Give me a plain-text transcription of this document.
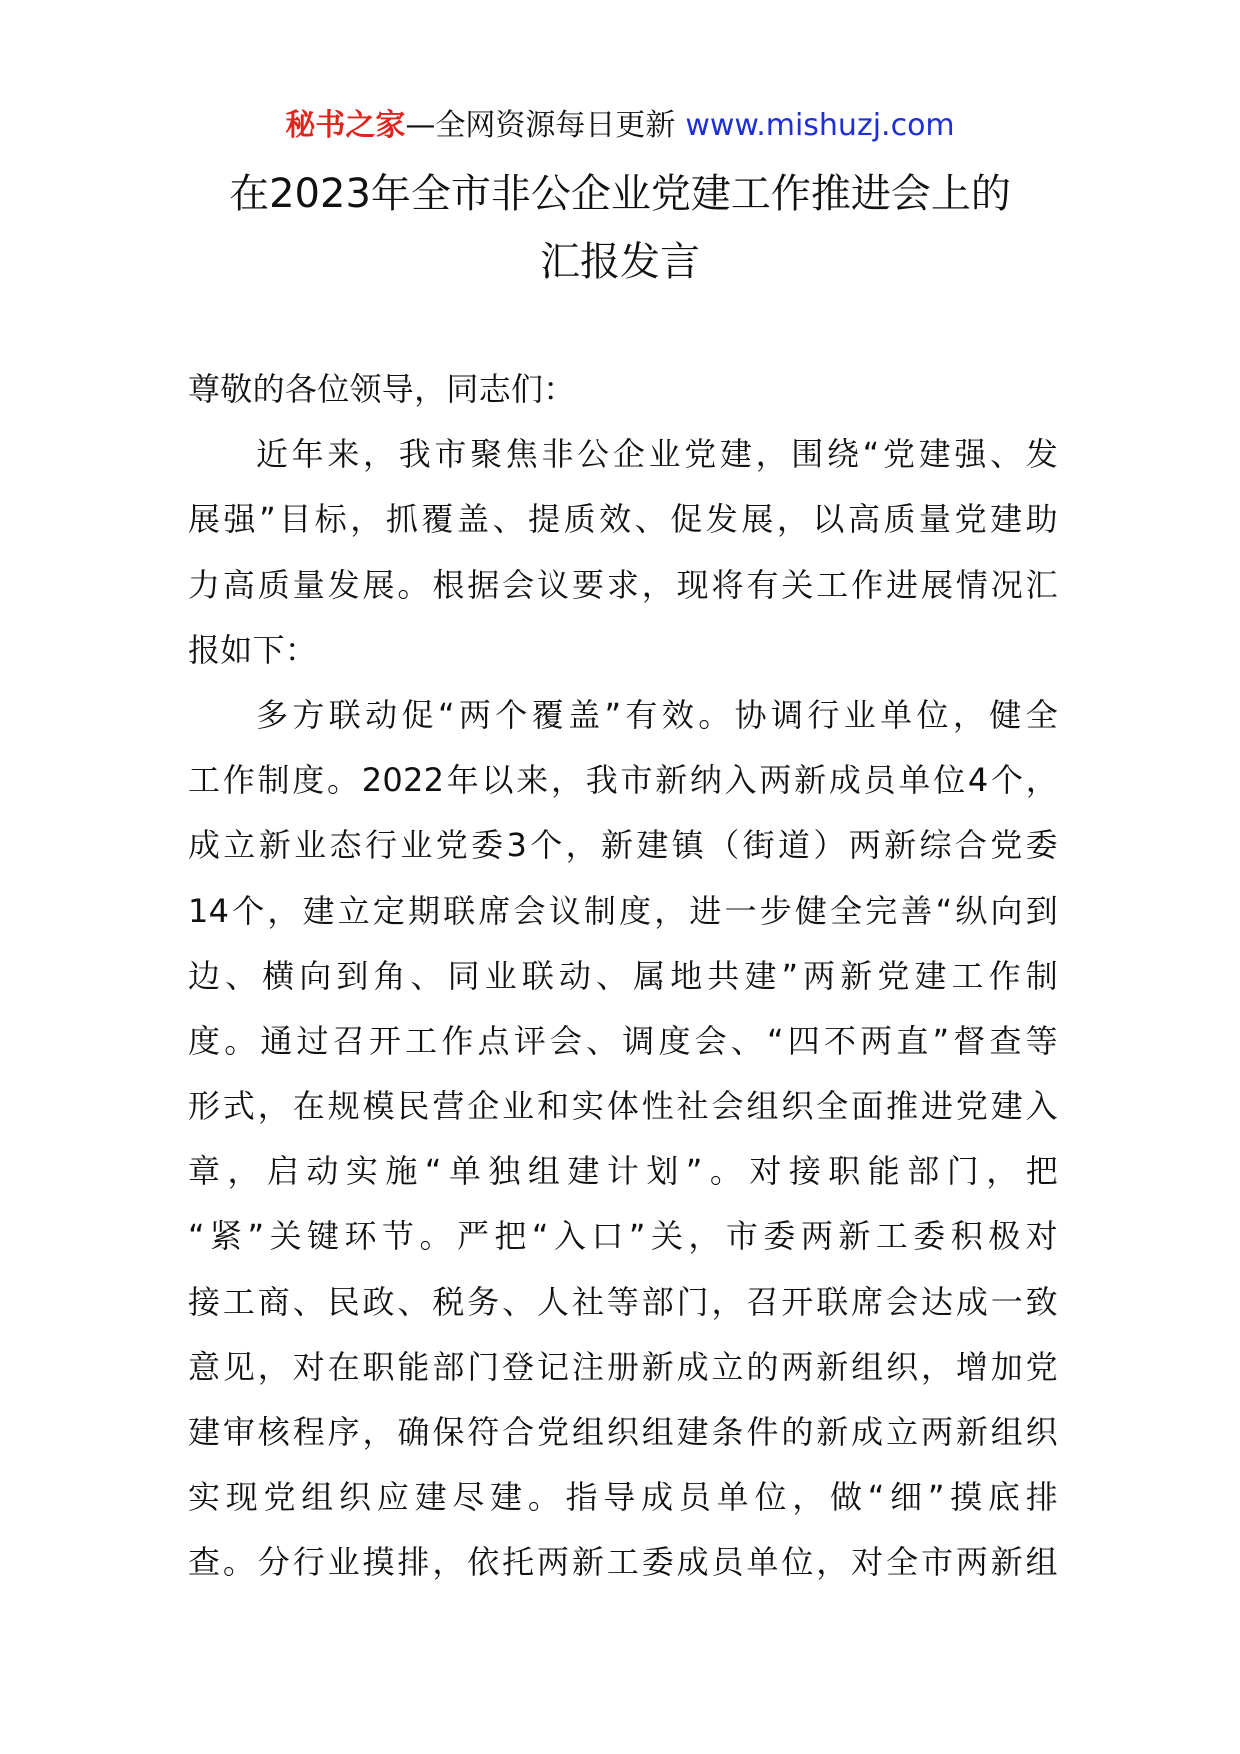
秘书之家—全网资源每日更新 www.mishuzj.com
在2023年全市非公企业党建工作推进会上的
汇报发言
尊敬的各位领导，同志们：
近年来，我市聚焦非公企业党建，围绕“党建强、发
展强”目标，抓覆盖、提质效、促发展，以高质量党建助
力高质量发展。根据会议要求，现将有关工作进展情况汇
报如下：
多方联动促“两个覆盖”有效。协调行业单位，健全
工作制度。2022年以来，我市新纳入两新成员单位4个，
成立新业态行业党委3个，新建镇（街道）两新综合党委
14个，建立定期联席会议制度，进一步健全完善“纵向到
边、横向到角、同业联动、属地共建”两新党建工作制
度。通过召开工作点评会、调度会、“四不两直”督查等
形式，在规模民营企业和实体性社会组织全面推进党建入
章，启动实施“单独组建计划”。对接职能部门，把
“紧”关键环节。严把“入口”关，市委两新工委积极对
接工商、民政、税务、人社等部门，召开联席会达成一致
意见，对在职能部门登记注册新成立的两新组织，增加党
建审核程序，确保符合党组织组建条件的新成立两新组织
实现党组织应建尽建。指导成员单位，做“细”摸底排
查。分行业摸排，依托两新工委成员单位，对全市两新组
